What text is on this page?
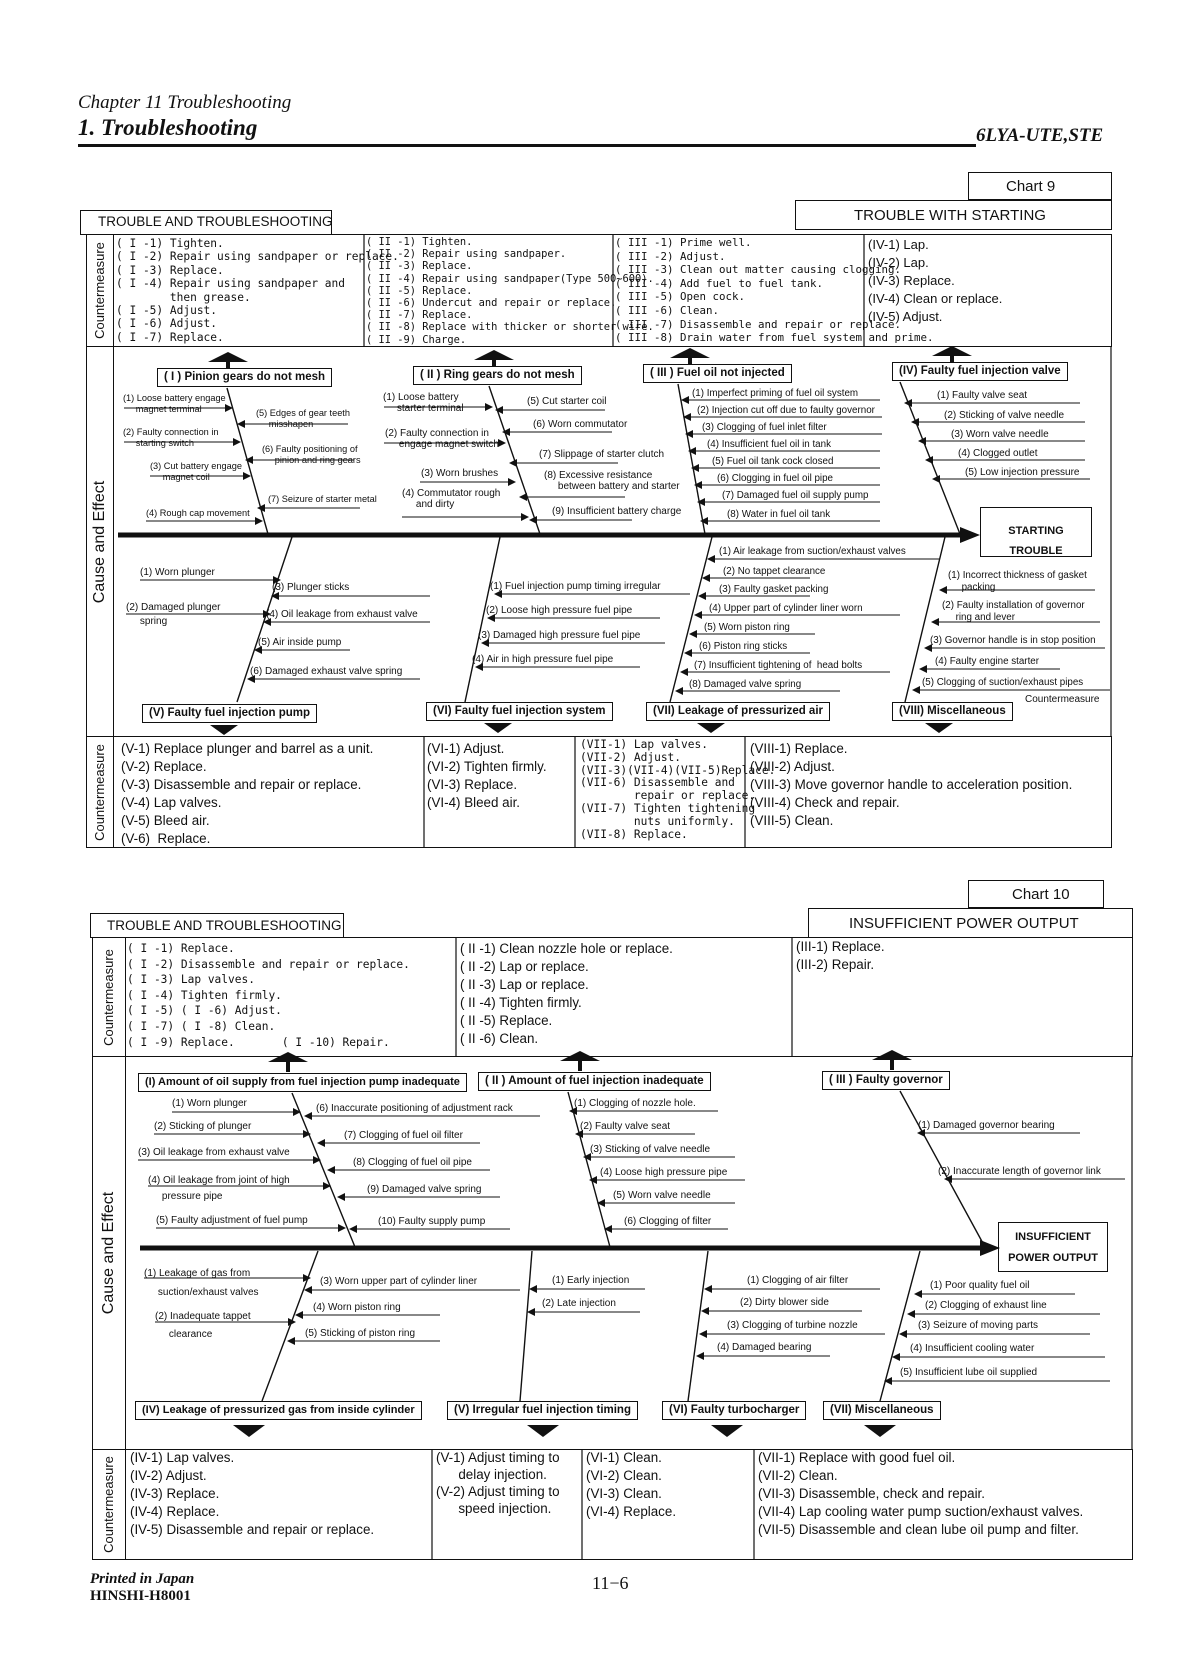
Chapter 11 Troubleshooting
1. Troubleshooting	6LYA-UTE,STE
Chart 9
TROUBLE AND TROUBLESHOOTING	TROUBLE WITH STARTING
Countermeasure
Cause and Effect
Countermeasure
( I -1) Tighten.
( I -2) Repair using sandpaper or replace.
( I -3) Replace.
( I -4) Repair using sandpaper and
then grease.
( I -5) Adjust.
( I -6) Adjust.
( I -7) Replace.
( II -1) Tighten.
( II -2) Repair using sandpaper.
( II -3) Replace.
( II -4) Repair using sandpaper(Type 500~600).
( II -5) Replace.
( II -6) Undercut and repair or replace.
( II -7) Replace.
( II -8) Replace with thicker or shorter wire.
( II -9) Charge.
( III -1) Prime well.
( III -2) Adjust.
( III -3) Clean out matter causing clogging.
( III -4) Add fuel to fuel tank.
( III -5) Open cock.
( III -6) Clean.
( III -7) Disassemble and repair or replace.
( III -8) Drain water from fuel system and prime.
(IV-1) Lap.
(IV-2) Lap.
(IV-3) Replace.
(IV-4) Clean or replace.
(IV-5) Adjust.
(V-1) Replace plunger and barrel as a unit.
(V-2) Replace.
(V-3) Disassemble and repair or replace.
(V-4) Lap valves.
(V-5) Bleed air.
(V-6)  Replace.
(VI-1) Adjust.
(VI-2) Tighten firmly.
(VI-3) Replace.
(VI-4) Bleed air.
(VII-1) Lap valves.
(VII-2) Adjust.
(VII-3)(VII-4)(VII-5)Replace.
(VII-6) Disassemble and
repair or replace.
(VII-7) Tighten tightening
nuts uniformly.
(VII-8) Replace.
(VIII-1) Replace.
(VIII-2) Adjust.
(VIII-3) Move governor handle to acceleration position.
(VIII-4) Check and repair.
(VIII-5) Clean.
( I ) Pinion gears do not mesh	( II ) Ring gears do not mesh	( III ) Fuel oil not injected	(IV) Faulty fuel injection valve
(V) Faulty fuel injection pump	(VI) Faulty fuel injection system	(VII) Leakage of pressurized air	(VIII) Miscellaneous
Countermeasure
STARTING TROUBLE
(1) Loose battery engage
magnet terminal
(2) Faulty connection in
starting switch
(3) Cut battery engage
magnet coil
(4) Rough cap movement
(5) Edges of gear teeth
misshapen
(6) Faulty positioning of
pinion and ring gears
(7) Seizure of starter metal
(1) Loose battery
starter terminal
(2) Faulty connection in
engage magnet switch
(3) Worn brushes
(4) Commutator rough
and dirty
(5) Cut starter coil
(6) Worn commutator
(7) Slippage of starter clutch
(8) Excessive resistance
between battery and starter
(9) Insufficient battery charge
(1) Imperfect priming of fuel oil system
(2) Injection cut off due to faulty governor
(3) Clogging of fuel inlet filter
(4) Insufficient fuel oil in tank
(5) Fuel oil tank cock closed
(6) Clogging in fuel oil pipe
(7) Damaged fuel oil supply pump
(8) Water in fuel oil tank
(1) Faulty valve seat
(2) Sticking of valve needle
(3) Worn valve needle
(4) Clogged outlet
(5) Low injection pressure
(1) Worn plunger
(2) Damaged plunger
spring
(3) Plunger sticks
(4) Oil leakage from exhaust valve
(5) Air inside pump
(6) Damaged exhaust valve spring
(1) Fuel injection pump timing irregular
(2) Loose high pressure fuel pipe
(3) Damaged high pressure fuel pipe
(4) Air in high pressure fuel pipe
(1) Air leakage from suction/exhaust valves
(2) No tappet clearance
(3) Faulty gasket packing
(4) Upper part of cylinder liner worn
(5) Worn piston ring
(6) Piston ring sticks
(7) Insufficient tightening of  head bolts
(8) Damaged valve spring
(1) Incorrect thickness of gasket
packing
(2) Faulty installation of governor
ring and lever
(3) Governor handle is in stop position
(4) Faulty engine starter
(5) Clogging of suction/exhaust pipes
Chart 10
TROUBLE AND TROUBLESHOOTING	INSUFFICIENT POWER OUTPUT
Countermeasure
Cause and Effect
Countermeasure
( I -1) Replace.
( I -2) Disassemble and repair or replace.
( I -3) Lap valves.
( I -4) Tighten firmly.
( I -5) ( I -6) Adjust.
( I -7) ( I -8) Clean.
( I -9) Replace.       ( I -10) Repair.
( II -1) Clean nozzle hole or replace.
( II -2) Lap or replace.
( II -3) Lap or replace.
( II -4) Tighten firmly.
( II -5) Replace.
( II -6) Clean.
(III-1) Replace.
(III-2) Repair.
(IV-1) Lap valves.
(IV-2) Adjust.
(IV-3) Replace.
(IV-4) Replace.
(IV-5) Disassemble and repair or replace.
(V-1) Adjust timing to
delay injection.
(V-2) Adjust timing to
speed injection.
(VI-1) Clean.
(VI-2) Clean.
(VI-3) Clean.
(VI-4) Replace.
(VII-1) Replace with good fuel oil.
(VII-2) Clean.
(VII-3) Disassemble, check and repair.
(VII-4) Lap cooling water pump suction/exhaust valves.
(VII-5) Disassemble and clean lube oil pump and filter.
(I) Amount of oil supply from fuel injection pump inadequate	( II ) Amount of fuel injection inadequate	( III ) Faulty governor
(IV) Leakage of pressurized gas from inside cylinder	(V) Irregular fuel injection timing	(VI) Faulty turbocharger	(VII) Miscellaneous
INSUFFICIENT
POWER OUTPUT
(1) Worn plunger
(2) Sticking of plunger
(3) Oil leakage from exhaust valve
(4) Oil leakage from joint of high
pressure pipe
(5) Faulty adjustment of fuel pump
(6) Inaccurate positioning of adjustment rack
(7) Clogging of fuel oil filter
(8) Clogging of fuel oil pipe
(9) Damaged valve spring
(10) Faulty supply pump
(1) Clogging of nozzle hole.
(2) Faulty valve seat
(3) Sticking of valve needle
(4) Loose high pressure pipe
(5) Worn valve needle
(6) Clogging of filter
(1) Damaged governor bearing
(2) Inaccurate length of governor link
(1) Leakage of gas from
suction/exhaust valves
(2) Inadequate tappet
clearance
(3) Worn upper part of cylinder liner
(4) Worn piston ring
(5) Sticking of piston ring
(1) Early injection
(2) Late injection
(1) Clogging of air filter
(2) Dirty blower side
(3) Clogging of turbine nozzle
(4) Damaged bearing
(1) Poor quality fuel oil
(2) Clogging of exhaust line
(3) Seizure of moving parts
(4) Insufficient cooling water
(5) Insufficient lube oil supplied
Printed in Japan
HINSHI-H8001
11−6
